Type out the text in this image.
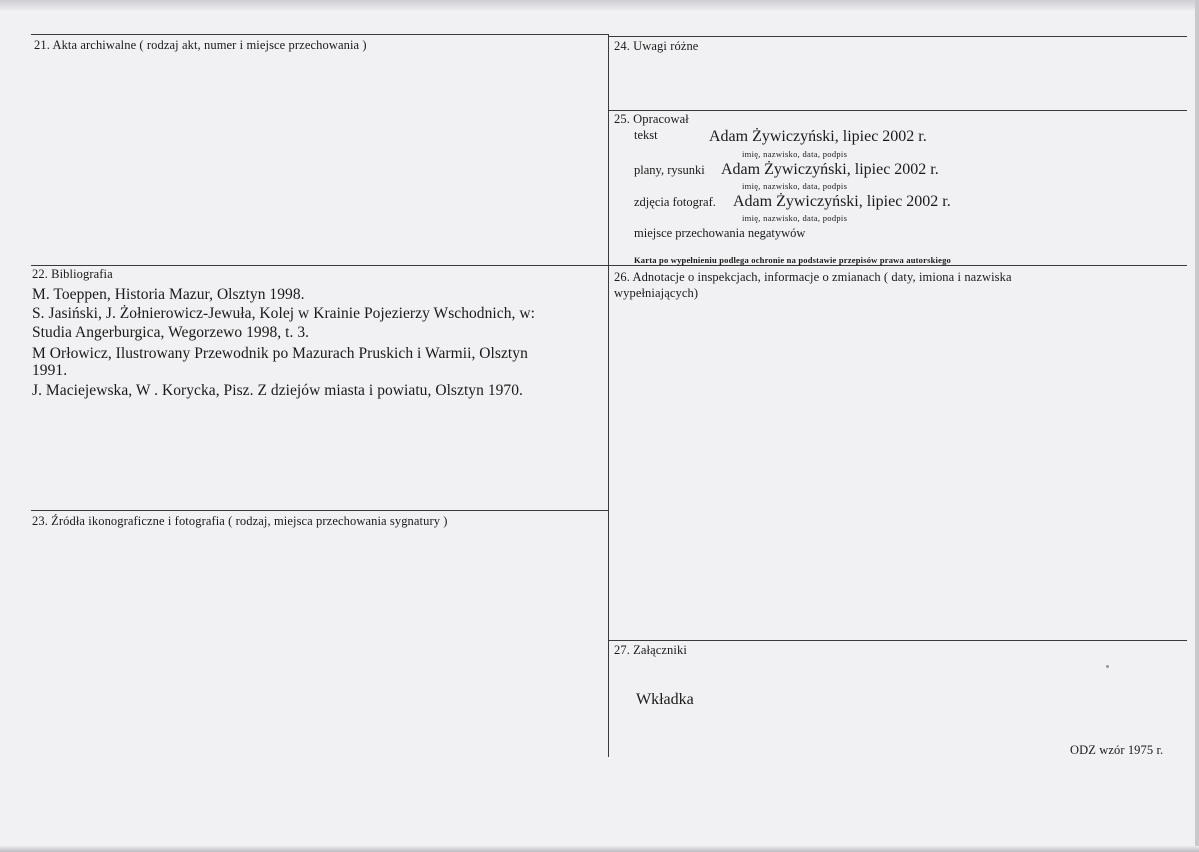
21. Akta archiwalne ( rodzaj akt, numer i miejsce przechowania )	24. Uwagi różne
25. Opracował
tekst	Adam Żywiczyński, lipiec 2002 r.
imię, nazwisko, data, podpis
plany, rysunki Adam Żywiczyński, lipiec 2002 r.
imię, nazwisko, data, podpis
zdjęcia fotograf. Adam Żywiczyński, lipiec 2002 r.
imię, nazwisko, data, podpis
miejsce przechowania negatywów
Karta po wypełnieniu podlega ochronie na podstawie przepisów prawa autorskiego
22. Bibliografia
M. Toeppen, Historia Mazur, Olsztyn 1998.
S. Jasiński, J. Żołnierowicz-Jewuła, Kolej w Krainie Pojezierzy Wschodnich, w:
Studia Angerburgica, Wegorzewo 1998, t. 3.
M Orłowicz, Ilustrowany Przewodnik po Mazurach Pruskich i Warmii, Olsztyn
1991.
J. Maciejewska, W . Korycka, Pisz. Z dziejów miasta i powiatu, Olsztyn 1970.
26. Adnotacje o inspekcjach, informacje o zmianach ( daty, imiona i nazwiska
wypełniających)
23. Źródła ikonograficzne i fotografia ( rodzaj, miejsca przechowania sygnatury )
27. Załączniki
Wkładka
ODZ wzór 1975 r.
